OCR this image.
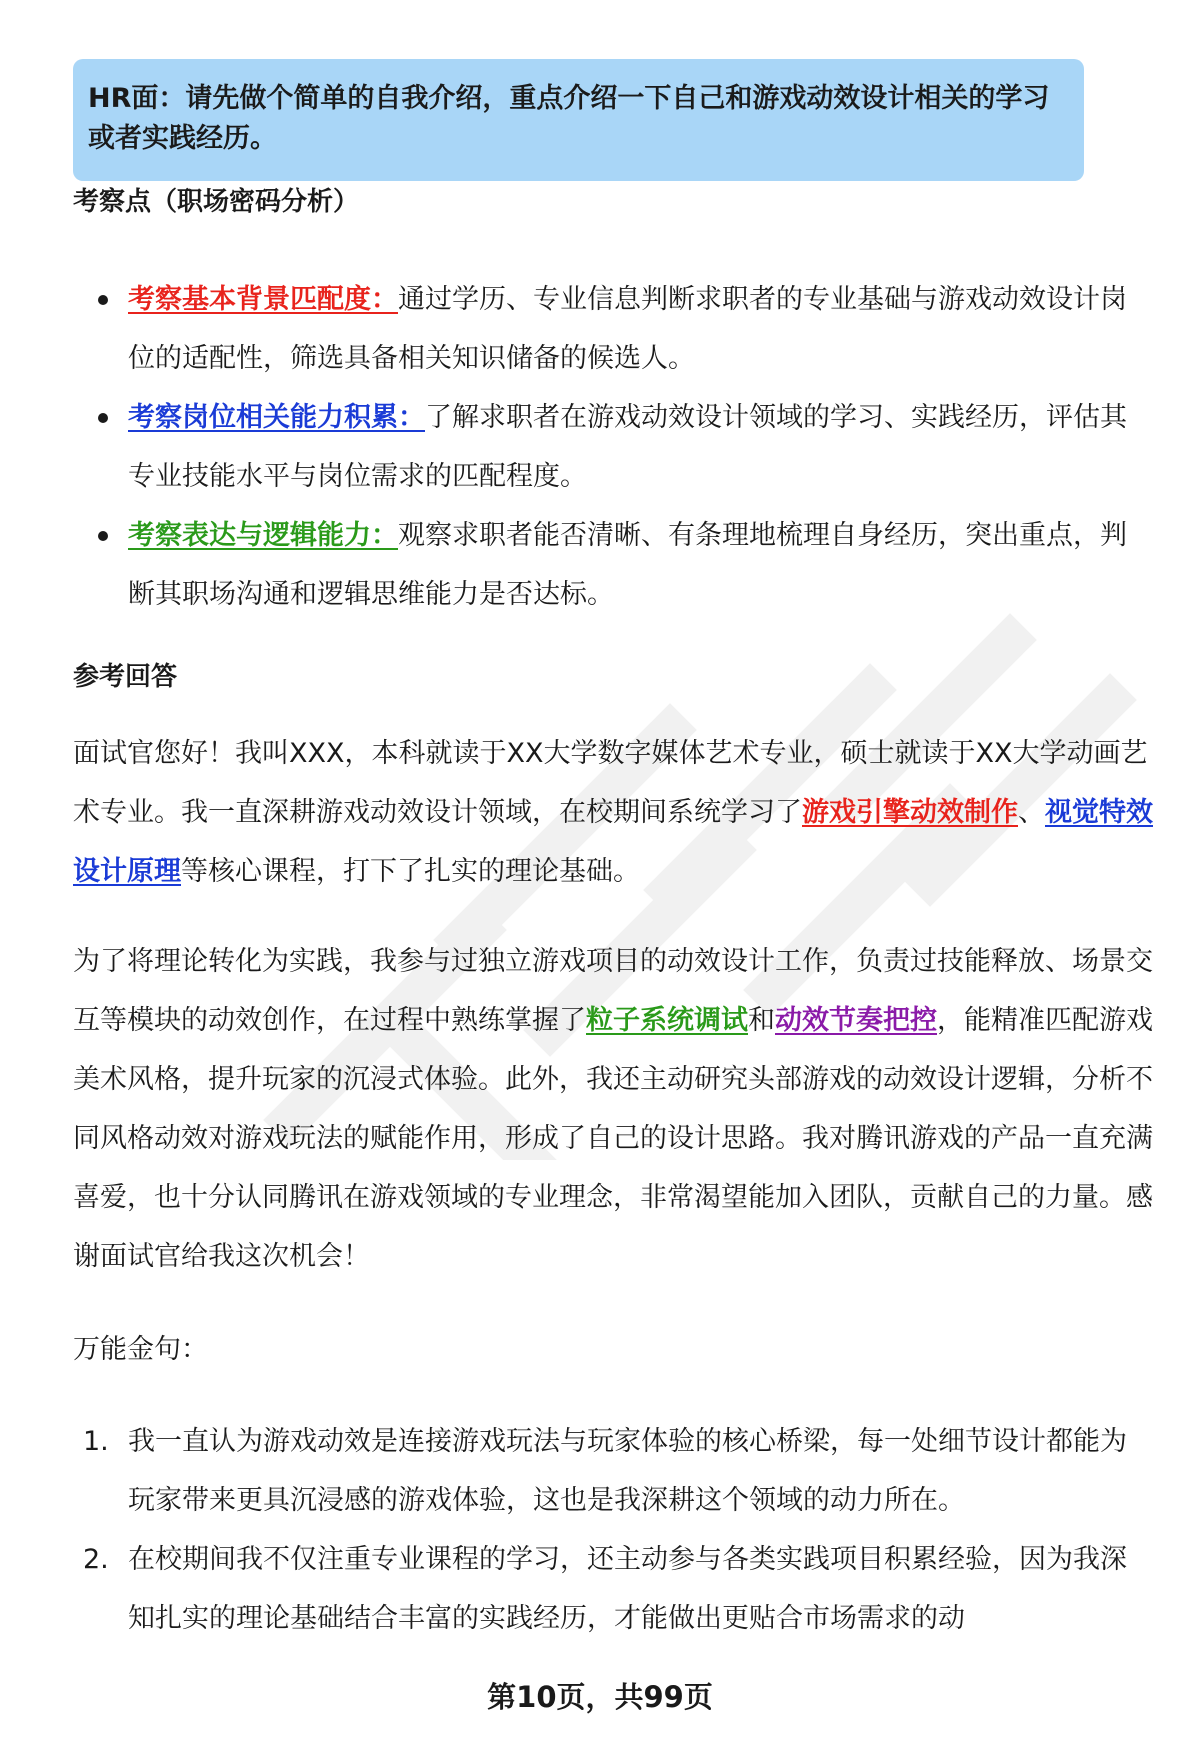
HR面：请先做个简单的自我介绍，重点介绍一下自己和游戏动效设计相关的学习或者实践经历。
考察点（职场密码分析）
考察基本背景匹配度：通过学历、专业信息判断求职者的专业基础与游戏动效设计岗位的适配性，筛选具备相关知识储备的候选人。
考察岗位相关能力积累：了解求职者在游戏动效设计领域的学习、实践经历，评估其专业技能水平与岗位需求的匹配程度。
考察表达与逻辑能力：观察求职者能否清晰、有条理地梳理自身经历，突出重点，判断其职场沟通和逻辑思维能力是否达标。
参考回答

面试官您好！我叫XXX，本科就读于XX大学数字媒体艺术专业，硕士就读于XX大学动画艺术专业。我一直深耕游戏动效设计领域，在校期间系统学习了游戏引擎动效制作、视觉特效设计原理等核心课程，打下了扎实的理论基础。

为了将理论转化为实践，我参与过独立游戏项目的动效设计工作，负责过技能释放、场景交互等模块的动效创作，在过程中熟练掌握了粒子系统调试和动效节奏把控，能精准匹配游戏美术风格，提升玩家的沉浸式体验。此外，我还主动研究头部游戏的动效设计逻辑，分析不同风格动效对游戏玩法的赋能作用，形成了自己的设计思路。我对腾讯游戏的产品一直充满喜爱，也十分认同腾讯在游戏领域的专业理念，非常渴望能加入团队，贡献自己的力量。感谢面试官给我这次机会！

万能金句：

1. 我一直认为游戏动效是连接游戏玩法与玩家体验的核心桥梁，每一处细节设计都能为玩家带来更具沉浸感的游戏体验，这也是我深耕这个领域的动力所在。
2. 在校期间我不仅注重专业课程的学习，还主动参与各类实践项目积累经验，因为我深知扎实的理论基础结合丰富的实践经历，才能做出更贴合市场需求的动
第10页，共99页
